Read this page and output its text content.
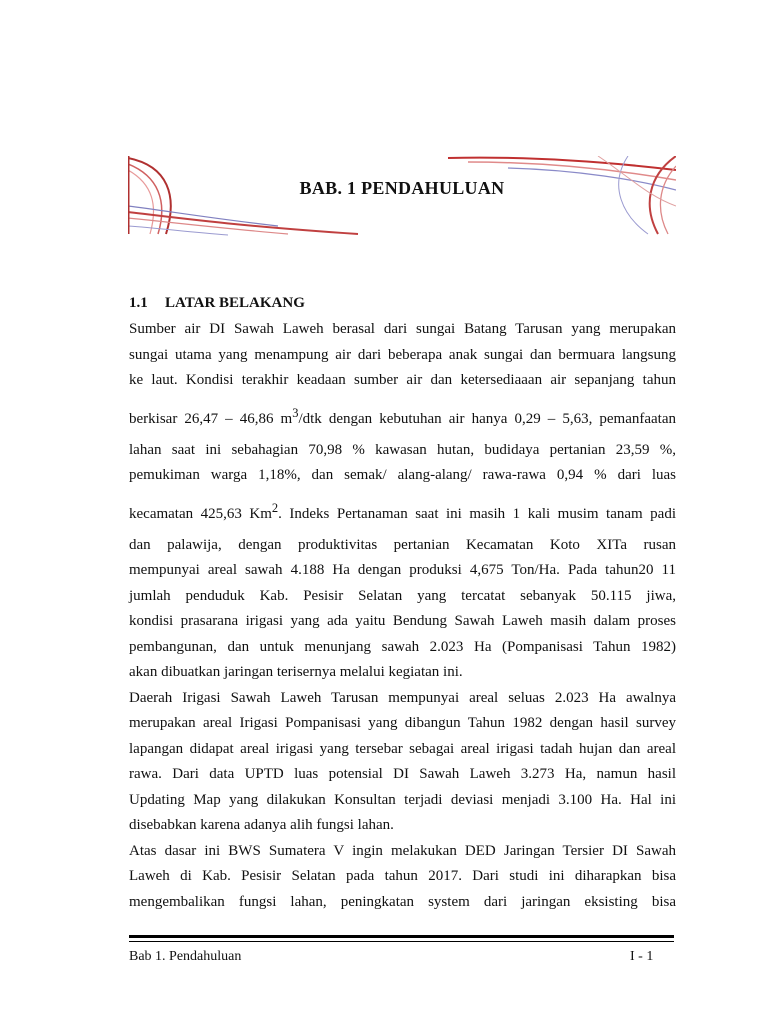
BAB. 1 PENDAHULUAN
1.1 LATAR BELAKANG

Sumber air DI Sawah Laweh berasal dari sungai Batang Tarusan yang merupakan
sungai utama yang menampung air dari beberapa anak sungai dan bermuara langsung
ke laut. Kondisi terakhir keadaan sumber air dan ketersediaaan air sepanjang tahun
berkisar 26,47 – 46,86 $m^3$/dtk dengan kebutuhan air hanya 0,29 – 5,63, pemanfaatan
lahan saat ini sebahagian 70,98 % kawasan hutan, budidaya pertanian 23,59 %,
pemukiman warga 1,18%, dan semak/ alang-alang/ rawa-rawa 0,94 % dari luas
kecamatan 425,63 Km$^2$. Indeks Pertanaman saat ini masih 1 kali musim tanam padi
dan palawija, dengan produktivitas pertanian Kecamatan Koto XITa rusan
mempunyai areal sawah 4.188 Ha dengan produksi 4,675 Ton/Ha. Pada tahun20 11
jumlah penduduk Kab. Pesisir Selatan yang tercatat sebanyak 50.115 jiwa,
kondisi prasarana irigasi yang ada yaitu Bendung Sawah Laweh masih dalam proses
pembangunan, dan untuk menunjang sawah 2.023 Ha (Pompanisasi Tahun 1982)
akan dibuatkan jaringan terisernya melalui kegiatan ini.

Daerah Irigasi Sawah Laweh Tarusan mempunyai areal seluas 2.023 Ha awalnya
merupakan areal Irigasi Pompanisasi yang dibangun Tahun 1982 dengan hasil survey
lapangan didapat areal irigasi yang tersebar sebagai areal irigasi tadah hujan dan areal
rawa. Dari data UPTD luas potensial DI Sawah Laweh 3.273 Ha, namun hasil
Updating Map yang dilakukan Konsultan terjadi deviasi menjadi 3.100 Ha. Hal ini
disebabkan karena adanya alih fungsi lahan.

Atas dasar ini BWS Sumatera V ingin melakukan DED Jaringan Tersier DI Sawah
Laweh di Kab. Pesisir Selatan pada tahun 2017. Dari studi ini diharapkan bisa
mengembalikan fungsi lahan, peningkatan system dari jaringan eksisting bisa

Bab 1. Pendahuluan	I - 1
